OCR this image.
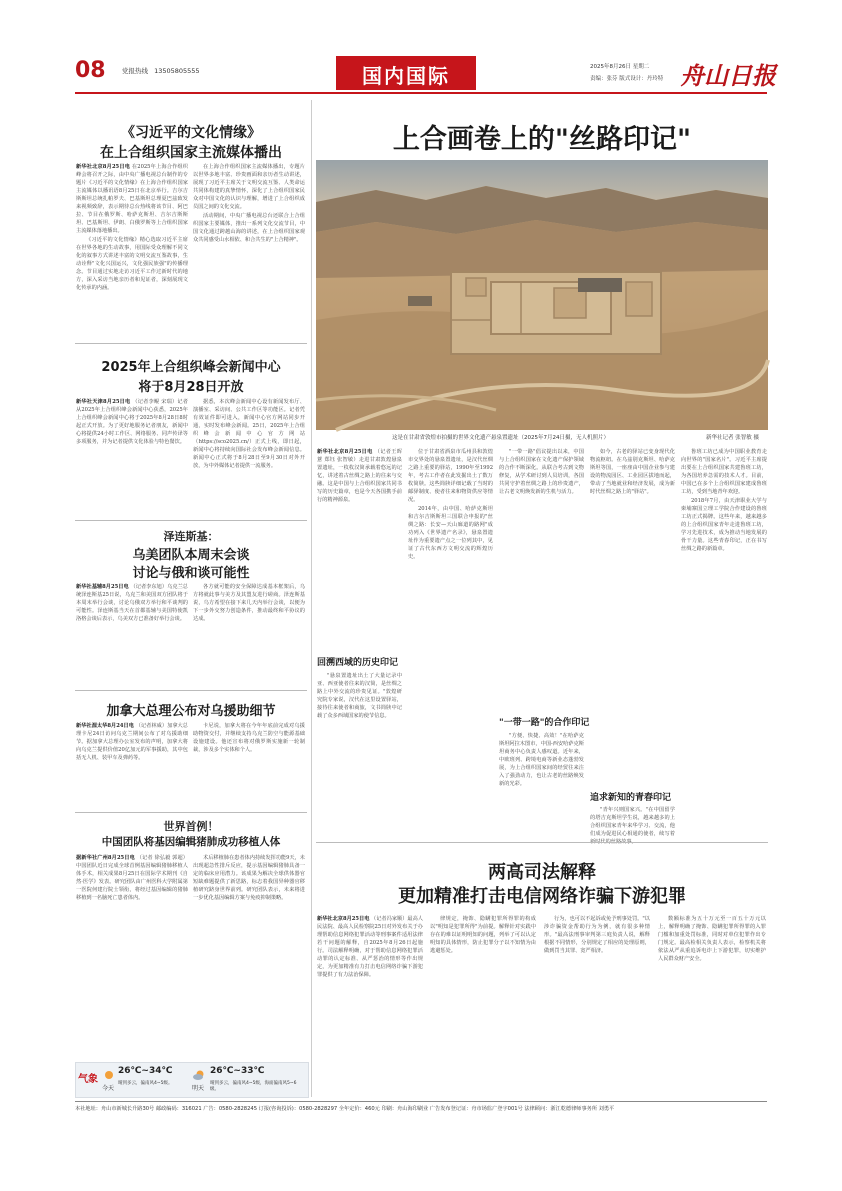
08	党报热线 13505805555	国内国际	2025年8月26日 星期二
责编：张芬 版式设计：丹玲特 舟山日报
《习近平的文化情缘》
在上合组织国家主流媒体播出

新华社北京8月25日电 在2025年上海合作组织峰会将召开之际，由中央广播电视总台制作的专题片《习近平的文化情缘》在上海合作组织国家主流媒体以播讯语8月25日在北京举行。吉尔吉斯斯坦总统扎帕罗夫、巴基斯坦总理夏巴兹致发来视频致辞，表示期待总台热线将该节目、阿巴拉、节目在俄罗斯、哈萨克斯坦、吉尔吉斯斯坦、巴基斯坦、伊朗、白俄罗斯等上合组织国家主流媒体落地播出。

《习近平的文化情缘》精心选取习近平主席在世界各地的生动故事，用国际受众理解不同文化的叙事方式讲述丰富的文明交流互鉴故事，生动诠释"文化兴国运兴，文化强民族强"的传播理念。节目通过实地走访习近平工作过新时代的地方，深入采访当地亲历者和见证者，深刻展现文化传承的内涵。

在上海合作组织国家主流媒体播出，专题片以世界多地丰富、珍贵画面和亲历者生动讲述，展现了习近平主席关于文明交流互鉴、人类命运共同体构建的真挚情怀，深化了上合组织国家民众对中国文化的认识与理解，增进了上合组织成员国之间的文化交流。

活动期间，中央广播电视总台还联合上合组织国家主要媒体，推出一系列文化交流节目，中国文化通过跨越山海的讲述，在上合组织国家观众共同感受山水相依、和合共生的"上合精神"。

2025年上合组织峰会新闻中心
将于8月28日开放

新华社天津8月25日电 （记者李鲲 宋瑞）记者从2025年上合组织峰会新闻中心获悉，2025年上合组织峰会新闻中心将于2025年8月28日8时起正式开放。为了更好地服务记者朋友，新闻中心将提供24小时工作区、网络服务、同声传译等多项服务，并为记者提供文化体验与特色餐饮。

据悉，本次峰会新闻中心设有新闻发布厅、演播室、采访间、公共工作区等功能区。记者凭有效证件即可进入，新闻中心官方网站同步开通，实时发布峰会新闻。25日，2025年上合组织峰会新闻中心官方网站（https://sco2025.cn/）正式上线，即日起，新闻中心将持续向国际社会发布峰会新闻信息。新闻中心正式将于8月28日至9月30日对外开放，为中外媒体记者提供一流服务。

泽连斯基：
乌美团队本周末会谈
讨论与俄和谈可能性

新华社基辅8月25日电 （记者李东旭）乌克兰总统泽连斯基25日说，乌克兰和美国双方团队将于本周末举行会谈，讨论乌俄双方举行和平谈判的可能性。泽连斯基当天在首都基辅与美国特使凯洛格会谈后表示，乌美双方已准备好举行会谈。

各方就可能的安全保障达成基本框架后，乌方将就此事与美方及其盟友进行磋商。泽连斯基说，乌方希望在接下来几天内举行会谈，以便为下一步外交努力创造条件，推动最终和平协议的达成。

加拿大总理公布对乌援助细节

新华社渥太华8月24日电 （记者林威）加拿大总理卡尼24日访问乌克兰期间公布了对乌援助细节。据加拿大总理办公室发布的声明，加拿大将向乌克兰提供价值20亿加元的军事援助，其中包括无人机、装甲车及弹药等。

卡尼说，加拿大将在今年年底前完成对乌援助物资交付，并继续支持乌克兰防空与能源基础设施建设。他还宣布将对俄罗斯实施新一轮制裁，涉及多个实体和个人。

世界首例！
中国团队将基因编辑猪肺成功移植人体

据新华社广州8月25日电 （记者 徐弘毅 郭超）中国团队近日完成全球首例基因编辑猪肺移植人体手术，相关成果8月25日在国际学术期刊《自然·医学》发表。研究团队由广州医科大学附属第一医院何建行院士领衔，将经过基因编辑的猪肺移植到一名脑死亡患者体内。

术后移植肺在患者体内持续发挥功能9天，未出现超急性排斥反应，提示基因编辑猪肺具备一定的临床应用潜力。该成果为解决全球供体器官短缺难题提供了新思路，标志着我国异种器官移植研究跻身世界前列。研究团队表示，未来将进一步优化基因编辑方案与免疫抑制策略。

气象
今天
26℃~34℃
晴到多云，偏南风4~5级。
明天
26℃~33℃
晴到多云，偏南风4~5级，海面偏南风5~6级。
上合画卷上的"丝路印记"
这是在甘肃省敦煌市拍摄的世界文化遗产悬泉置遗址（2025年7月24日摄，无人机照片）	新华社记者 张智敏 摄

新华社北京8月25日电 （记者王晖薏 郑钰 张智敏）走进甘肃敦煌悬泉置遗址，一枚枚汉简承载着悠远的记忆，讲述着古丝绸之路上的往来与交融。这是中国与上合组织国家共同书写的历史篇章，也是今天各国携手前行的精神源泉。

回溯西域的历史印记

"悬泉置遗址出土了大量记录中亚、西亚使者往来的汉简，是丝绸之路上中外交流的珍贵见证。"敦煌研究院专家说，汉代在这里设置驿站，接待往来使者和商旅，文书简牍中记载了众多西域国家的使节信息。

位于甘肃省酒泉市瓜州县和敦煌市交界处的悬泉置遗址，是汉代丝绸之路上重要的驿站，1990年至1992年，考古工作者在此发掘出土了数万枚简牍。这些简牍详细记载了当时的邮驿制度、使者往来和物资供应等情况。

2014年，由中国、哈萨克斯坦和吉尔吉斯斯坦三国联合申报的"丝绸之路：长安—天山廊道的路网"成功列入《世界遗产名录》，悬泉置遗址作为重要遗产点之一位列其中，见证了古代东西方文明交流的辉煌历史。

"一带一路"倡议提出以来，中国与上合组织国家在文化遗产保护领域的合作不断深化。从联合考古到文物修复，从学术研讨到人员培训，各国共同守护着丝绸之路上的珍贵遗产，让古老文明焕发新的生机与活力。

"一带一路"的合作印记

"方便、快捷、高效！"在哈萨克斯坦阿拉木图市，中国-西安哈萨克斯坦商务中心负责人感叹道。近年来，中欧班列、跨境电商等新业态蓬勃发展，为上合组织国家间的经贸往来注入了强劲动力，也让古老的丝路焕发新的光彩。

如今，古老的驿站已变身现代化物流枢纽。在乌兹别克斯坦、哈萨克斯坦等国，一座座由中国企业参与建设的物流园区、工业园区拔地而起，带动了当地就业和经济发展，成为新时代丝绸之路上的"驿站"。

追求新知的青春印记

"青年兴则国家兴。"在中国留学的塔吉克斯坦学生说，越来越多的上合组织国家青年来华学习、交流，他们成为促进民心相通的使者，续写着

鲁班工坊已成为中国职业教育走向世界的"国家名片"。习近平主席提出要在上合组织国家共建鲁班工坊，为各国培养急需的技术人才。目前，中国已在多个上合组织国家建成鲁班工坊，受到当地青年欢迎。

2018年7月，由天津职业大学与柬埔寨国立理工学院合作建设的鲁班工坊正式揭牌。这些年来，越来越多的上合组织国家青年走进鲁班工坊，学习先进技术，成为推动当地发展的骨干力量。这些青春印记，正在书写丝绸之路的新篇章。

两高司法解释
更加精准打击电信网络诈骗下游犯罪

新华社北京8月25日电 （记者冯家顺）最高人民法院、最高人民检察院25日对外发布关于办理帮助信息网络犯罪活动等刑事案件适用法律若干问题的解释，自2025年8月26日起施行。司法解释明确，对于帮助信息网络犯罪活动罪的认定标准、从严惩治的情形等作出规定，为更加精准有力打击电信网络诈骗下游犯罪提供了有力法治保障。

律规定，掩饰、隐瞒犯罪所得罪的构成以"明知是犯罪所得"为前提。解释针对实践中存在的难以证明明知的问题，列举了可以认定明知的具体情形，防止犯罪分子以不知情为由逃避惩处。

行为，也可以不起诉或免予刑事处罚。"以涉诈骗资金帮助行为为例，就有很多种情形。"最高法刑事审判第三庭负责人说，解释根据不同情形，分别规定了相应的处理原则，做到罚当其罪、宽严相济。

数额标准为五十万元至一百五十万元以上，解释明确了掩饰、隐瞒犯罪所得罪的入罪门槛和加重处罚标准，同时对单位犯罪作出专门规定。最高检相关负责人表示，检察机关将依法从严从重追诉电诈上下游犯罪，切实维护人民群众财产安全。

本社地址：舟山市新城长升路30号 邮政编码：316021 广告：0580-2828245 订报(咨询投诉)：0580-2828297 全年定价：460元 印刷：舟山海印刷业 广告发布登记证：舟市场监广登字001号 法律顾问：浙江乾德律师事务所 刘勇平
